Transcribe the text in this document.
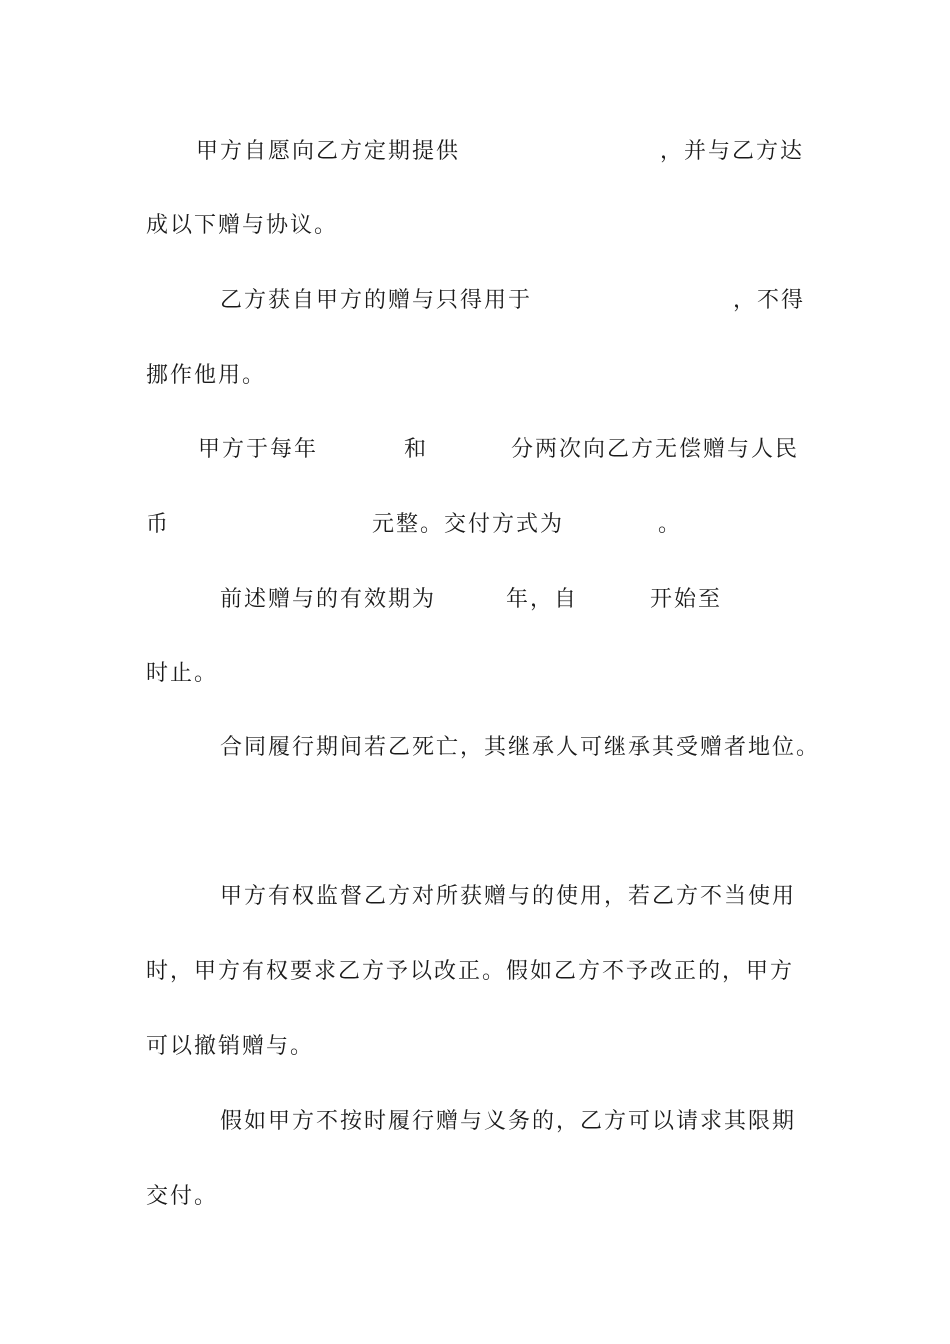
甲方自愿向乙方定期提供	，并与乙方达
成以下赠与协议。
乙方获自甲方的赠与只得用于	，不得
挪作他用。
甲方于每年	和	分两次向乙方无偿赠与人民
币	元整。交付方式为	。
前述赠与的有效期为	年，自	开始至
时止。
合同履行期间若乙死亡，其继承人可继承其受赠者地位。
甲方有权监督乙方对所获赠与的使用，若乙方不当使用
时，甲方有权要求乙方予以改正。假如乙方不予改正的，甲方
可以撤销赠与。
假如甲方不按时履行赠与义务的，乙方可以请求其限期
交付。
